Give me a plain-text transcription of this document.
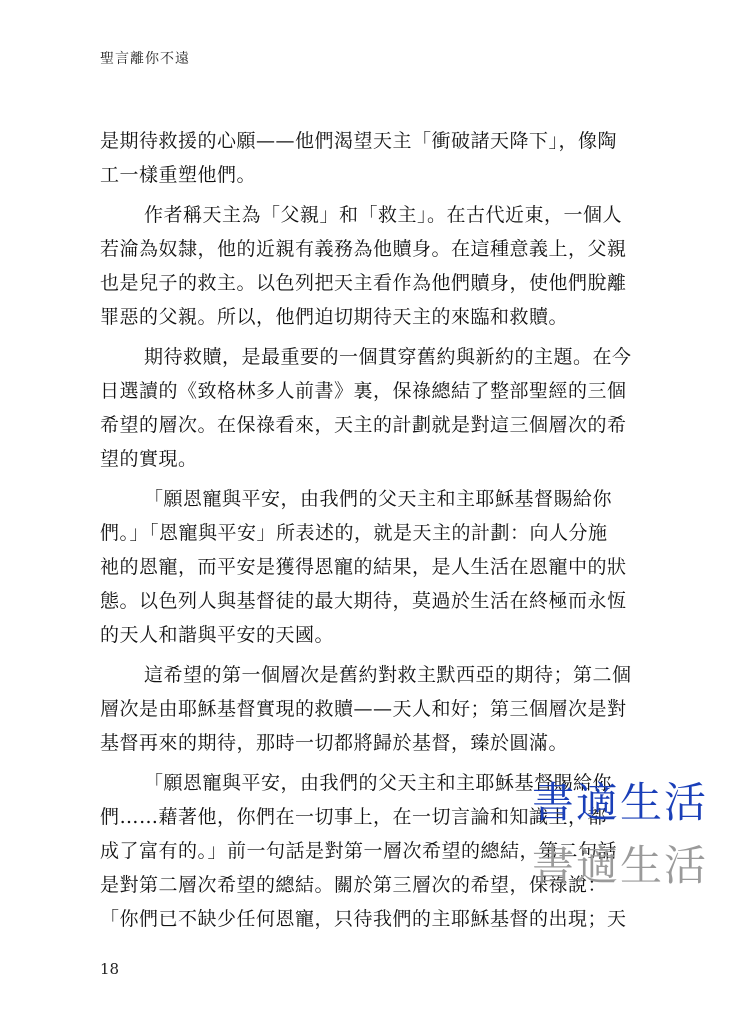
聖言離你不遠
是期待救援的心願——他們渴望天主「衝破諸天降下」，像陶
工一樣重塑他們。
作者稱天主為「父親」和「救主」。在古代近東，一個人
若淪為奴隸，他的近親有義務為他贖身。在這種意義上，父親
也是兒子的救主。以色列把天主看作為他們贖身，使他們脫離
罪惡的父親。所以，他們迫切期待天主的來臨和救贖。
期待救贖，是最重要的一個貫穿舊約與新約的主題。在今
日選讀的《致格林多人前書》裏，保祿總結了整部聖經的三個
希望的層次。在保祿看來，天主的計劃就是對這三個層次的希
望的實現。
「願恩寵與平安，由我們的父天主和主耶穌基督賜給你
們。」「恩寵與平安」所表述的，就是天主的計劃：向人分施
祂的恩寵，而平安是獲得恩寵的結果，是人生活在恩寵中的狀
態。以色列人與基督徒的最大期待，莫過於生活在終極而永恆
的天人和諧與平安的天國。
這希望的第一個層次是舊約對救主默西亞的期待；第二個
層次是由耶穌基督實現的救贖——天人和好；第三個層次是對
基督再來的期待，那時一切都將歸於基督，臻於圓滿。
「願恩寵與平安，由我們的父天主和主耶穌基督賜給你
們……藉著他，你們在一切事上，在一切言論和知識上，都
成了富有的。」前一句話是對第一層次希望的總結，第二句話
是對第二層次希望的總結。關於第三層次的希望，保祿說：
「你們已不缺少任何恩寵，只待我們的主耶穌基督的出現；天
書適生活
書適生活
18
